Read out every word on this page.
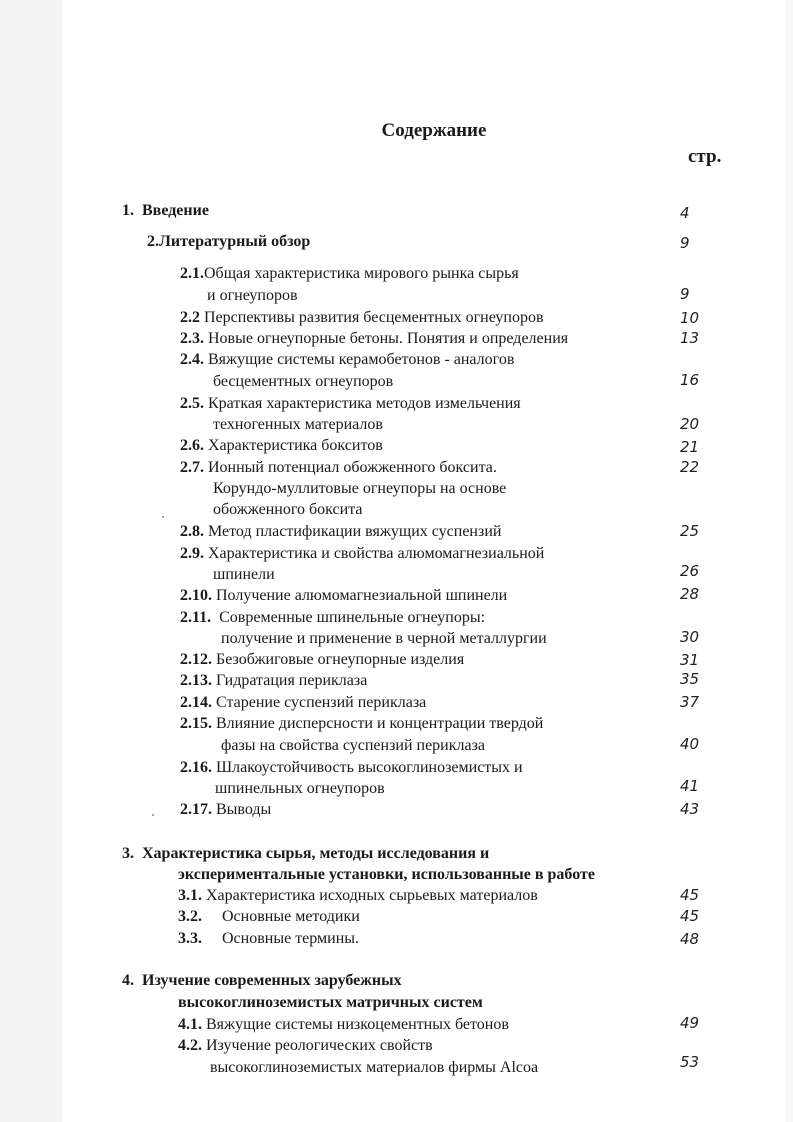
Содержание
стр.
1. Введение	4
2.Литературный обзор	9
2.1.Общая характеристика мирового рынка сырья
и огнеупоров	9
2.2 Перспективы развития бесцементных огнеупоров	10
2.3. Новые огнеупорные бетоны. Понятия и определения	13
2.4. Вяжущие системы керамобетонов - аналогов
бесцементных огнеупоров	16
2.5. Краткая характеристика методов измельчения
техногенных материалов	20
2.6. Характеристика бокситов	21
2.7. Ионный потенциал обожженного боксита.
Корундо-муллитовые огнеупоры на основе
обожженного боксита
22
2.8. Метод пластификации вяжущих суспензий	25
2.9. Характеристика и свойства алюмомагнезиальной
шпинели	26
2.10. Получение алюмомагнезиальной шпинели	28
2.11. Современные шпинельные огнеупоры:
получение и применение в черной металлургии	30
2.12. Безобжиговые огнеупорные изделия	31
2.13. Гидратация периклаза	35
2.14. Старение суспензий периклаза	37
2.15. Влияние дисперсности и концентрации твердой
фазы на свойства суспензий периклаза	40
2.16. Шлакоустойчивость высокоглиноземистых и
шпинельных огнеупоров	41
2.17. Выводы	43
3. Характеристика сырья, методы исследования и
экспериментальные установки, использованные в работе
3.1. Характеристика исходных сырьевых материалов	45
3.2. Основные методики	45
3.3. Основные термины.	48
4. Изучение современных зарубежных
высокоглиноземистых матричных систем
4.1. Вяжущие системы низкоцементных бетонов	49
4.2. Изучение реологических свойств
высокоглиноземистых материалов фирмы Alcoa	53
